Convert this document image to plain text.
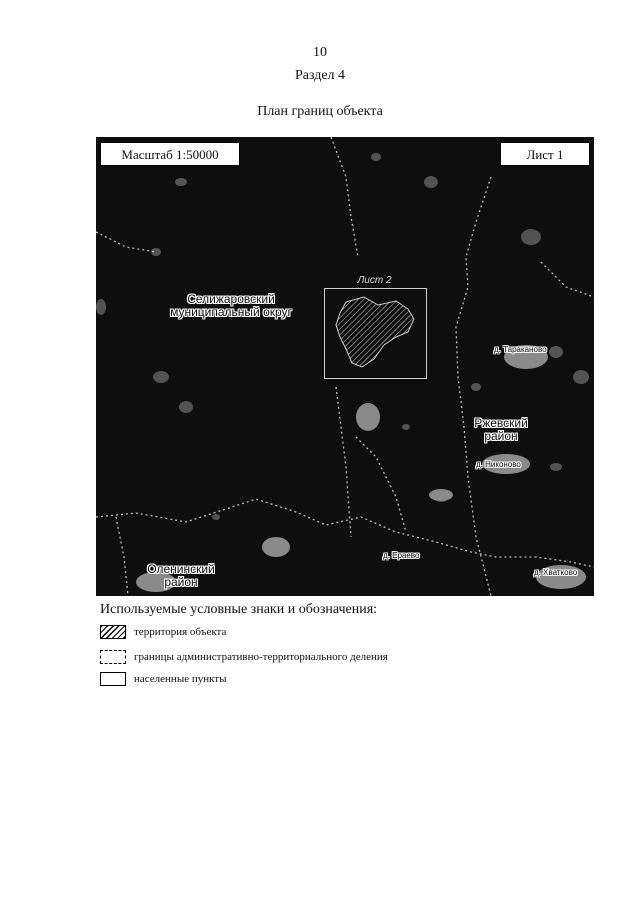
10
Раздел 4
План границ объекта
Масштаб 1:50000	Лист 1
Лист 2
Селижаровский
муниципальный округ
Ржевский
район
Оленинский
район
д. Тараканово
д. Никоново
д. Ераево
д. Хватково
Используемые условные знаки и обозначения:
территория объекта
границы административно-территориального деления
населенные пункты
